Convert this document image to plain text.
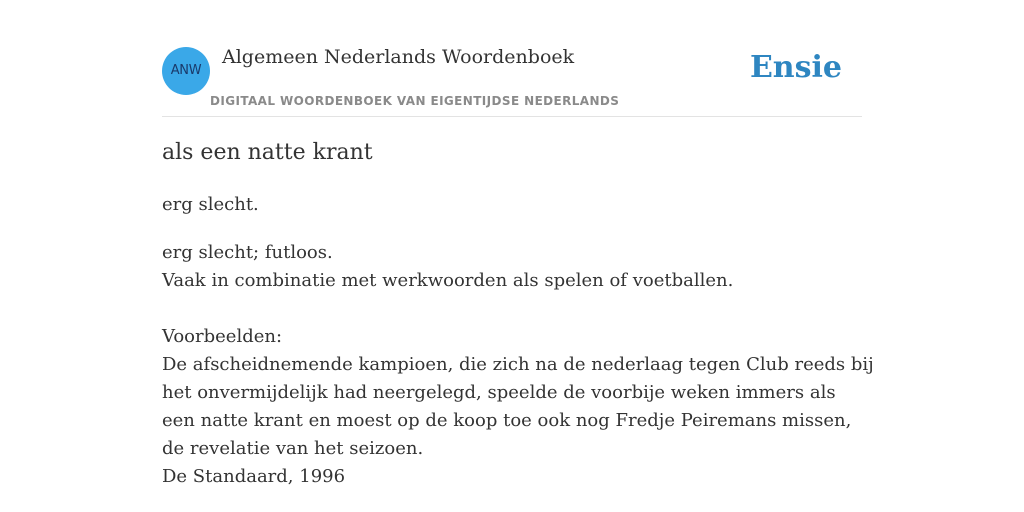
ANW
Algemeen Nederlands Woordenboek
DIGITAAL WOORDENBOEK VAN EIGENTIJDSE NEDERLANDS
Ensie
als een natte krant
erg slecht.
erg slecht; futloos.
Vaak in combinatie met werkwoorden als spelen of voetballen.
Voorbeelden:
De afscheidnemende kampioen, die zich na de nederlaag tegen Club reeds bij het onvermijdelijk had neergelegd, speelde de voorbije weken immers als een natte krant en moest op de koop toe ook nog Fredje Peiremans missen, de revelatie van het seizoen.
De Standaard, 1996
